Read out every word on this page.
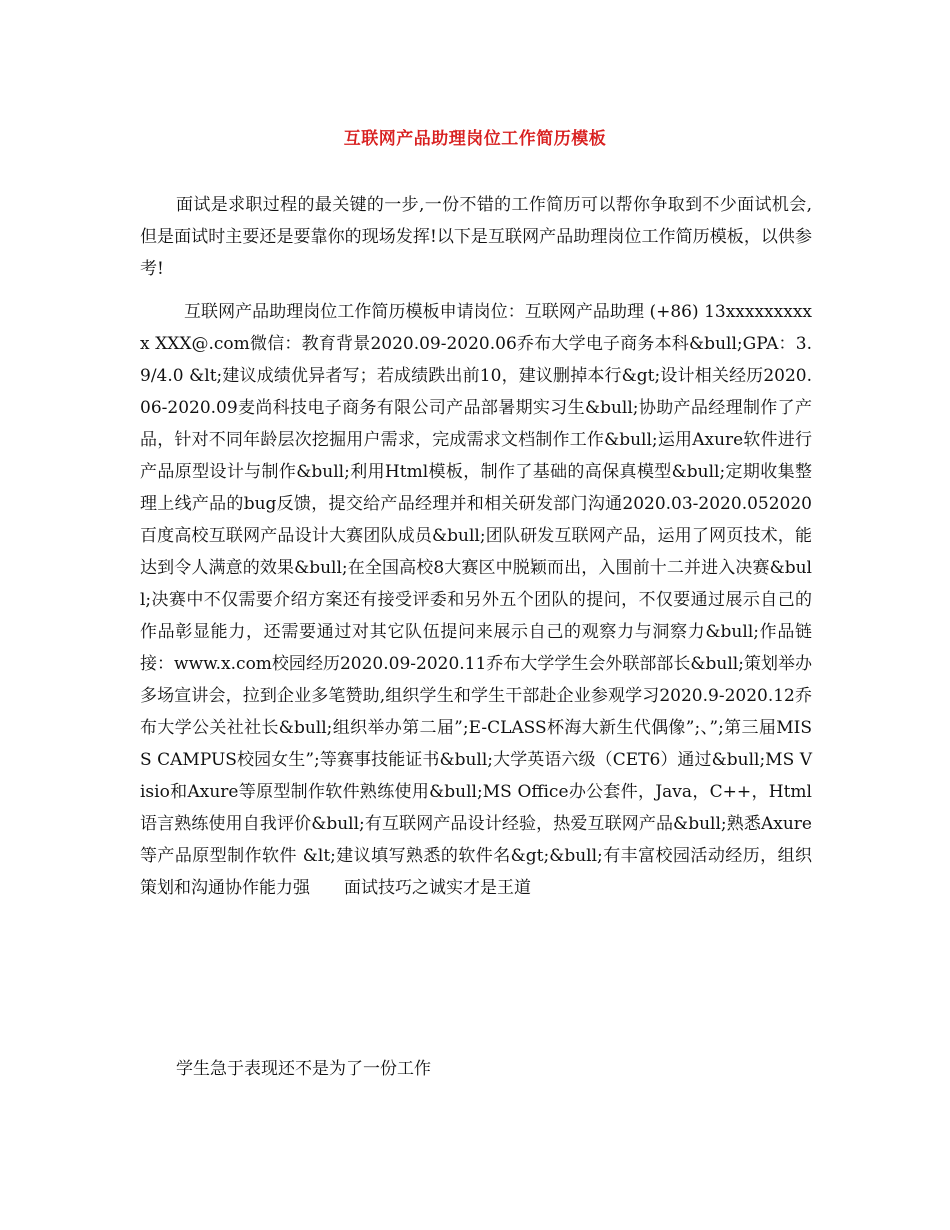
互联网产品助理岗位工作简历模板

面试是求职过程的最关键的一步,一份不错的工作简历可以帮你争取到不少面试机会,但是面试时主要还是要靠你的现场发挥!以下是互联网产品助理岗位工作简历模板，以供参考!

互联网产品助理岗位工作简历模板申请岗位：互联网产品助理 (+86) 13xxxxxxxxxx XXX@.com微信：教育背景2020.09-2020.06乔布大学电子商务本科&bull;GPA：3.9/4.0 &lt;建议成绩优异者写；若成绩跌出前10，建议删掉本行&gt;设计相关经历2020.06-2020.09麦尚科技电子商务有限公司产品部暑期实习生&bull;协助产品经理制作了产品，针对不同年龄层次挖掘用户需求，完成需求文档制作工作&bull;运用Axure软件进行产品原型设计与制作&bull;利用Html模板，制作了基础的高保真模型&bull;定期收集整理上线产品的bug反馈，提交给产品经理并和相关研发部门沟通2020.03-2020.052020百度高校互联网产品设计大赛团队成员&bull;团队研发互联网产品，运用了网页技术，能达到令人满意的效果&bull;在全国高校8大赛区中脱颖而出，入围前十二并进入决赛&bull;决赛中不仅需要介绍方案还有接受评委和另外五个团队的提问，不仅要通过展示自己的作品彰显能力，还需要通过对其它队伍提问来展示自己的观察力与洞察力&bull;作品链接：www.x.com校园经历2020.09-2020.11乔布大学学生会外联部部长&bull;策划举办多场宣讲会，拉到企业多笔赞助,组织学生和学生干部赴企业参观学习2020.9-2020.12乔布大学公关社社长&bull;组织举办第二届”;E-CLASS杯海大新生代偶像”;、”;第三届MISS CAMPUS校园女生”;等赛事技能证书&bull;大学英语六级（CET6）通过&bull;MS Visio和Axure等原型制作软件熟练使用&bull;MS Office办公套件，Java，C++，Html语言熟练使用自我评价&bull;有互联网产品设计经验，热爱互联网产品&bull;熟悉Axure等产品原型制作软件 &lt;建议填写熟悉的软件名&gt;&bull;有丰富校园活动经历，组织策划和沟通协作能力强　　面试技巧之诚实才是王道

学生急于表现还不是为了一份工作
